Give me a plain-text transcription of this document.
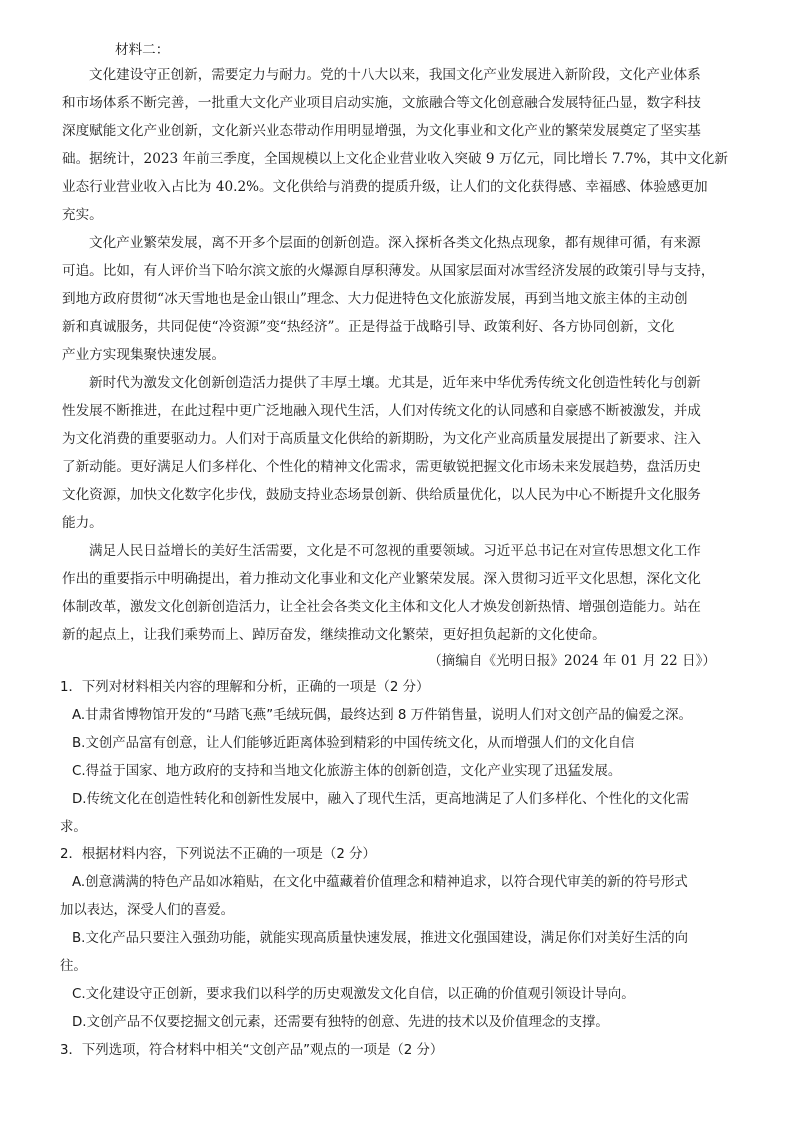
材料二：

文化建设守正创新，需要定力与耐力。党的十八大以来，我国文化产业发展进入新阶段，文化产业体系

和市场体系不断完善，一批重大文化产业项目启动实施，文旅融合等文化创意融合发展特征凸显，数字科技

深度赋能文化产业创新，文化新兴业态带动作用明显增强，为文化事业和文化产业的繁荣发展奠定了坚实基

础。据统计，2023 年前三季度，全国规模以上文化企业营业收入突破 9 万亿元，同比增长 7.7%，其中文化新

业态行业营业收入占比为 40.2%。文化供给与消费的提质升级，让人们的文化获得感、幸福感、体验感更加

充实。

文化产业繁荣发展，离不开多个层面的创新创造。深入探析各类文化热点现象，都有规律可循，有来源

可追。比如，有人评价当下哈尔滨文旅的火爆源自厚积薄发。从国家层面对冰雪经济发展的政策引导与支持，

到地方政府贯彻“冰天雪地也是金山银山”理念、大力促进特色文化旅游发展，再到当地文旅主体的主动创

新和真诚服务，共同促使“冷资源”变“热经济”。正是得益于战略引导、政策利好、各方协同创新，文化

产业方实现集聚快速发展。

新时代为激发文化创新创造活力提供了丰厚土壤。尤其是，近年来中华优秀传统文化创造性转化与创新

性发展不断推进，在此过程中更广泛地融入现代生活，人们对传统文化的认同感和自豪感不断被激发，并成

为文化消费的重要驱动力。人们对于高质量文化供给的新期盼，为文化产业高质量发展提出了新要求、注入

了新动能。更好满足人们多样化、个性化的精神文化需求，需更敏锐把握文化市场未来发展趋势，盘活历史

文化资源，加快文化数字化步伐，鼓励支持业态场景创新、供给质量优化，以人民为中心不断提升文化服务

能力。

满足人民日益增长的美好生活需要，文化是不可忽视的重要领域。习近平总书记在对宣传思想文化工作

作出的重要指示中明确提出，着力推动文化事业和文化产业繁荣发展。深入贯彻习近平文化思想，深化文化

体制改革，激发文化创新创造活力，让全社会各类文化主体和文化人才焕发创新热情、增强创造能力。站在

新的起点上，让我们乘势而上、踔厉奋发，继续推动文化繁荣，更好担负起新的文化使命。

（摘编自《光明日报》2024 年 01 月 22 日》）

1．下列对材料相关内容的理解和分析，正确的一项是（2 分）

A.甘肃省博物馆开发的“马踏飞燕”毛绒玩偶，最终达到 8 万件销售量，说明人们对文创产品的偏爱之深。

B.文创产品富有创意，让人们能够近距离体验到精彩的中国传统文化，从而增强人们的文化自信

C.得益于国家、地方政府的支持和当地文化旅游主体的创新创造，文化产业实现了迅猛发展。

D.传统文化在创造性转化和创新性发展中，融入了现代生活，更高地满足了人们多样化、个性化的文化需

求。

2．根据材料内容，下列说法不正确的一项是（2 分）

A.创意满满的特色产品如冰箱贴，在文化中蕴藏着价值理念和精神追求，以符合现代审美的新的符号形式

加以表达，深受人们的喜爱。

B.文化产品只要注入强劲功能，就能实现高质量快速发展，推进文化强国建设，满足你们对美好生活的向

往。

C.文化建设守正创新，要求我们以科学的历史观激发文化自信，以正确的价值观引领设计导向。

D.文创产品不仅要挖掘文创元素，还需要有独特的创意、先进的技术以及价值理念的支撑。

3．下列选项，符合材料中相关“文创产品”观点的一项是（2 分）
